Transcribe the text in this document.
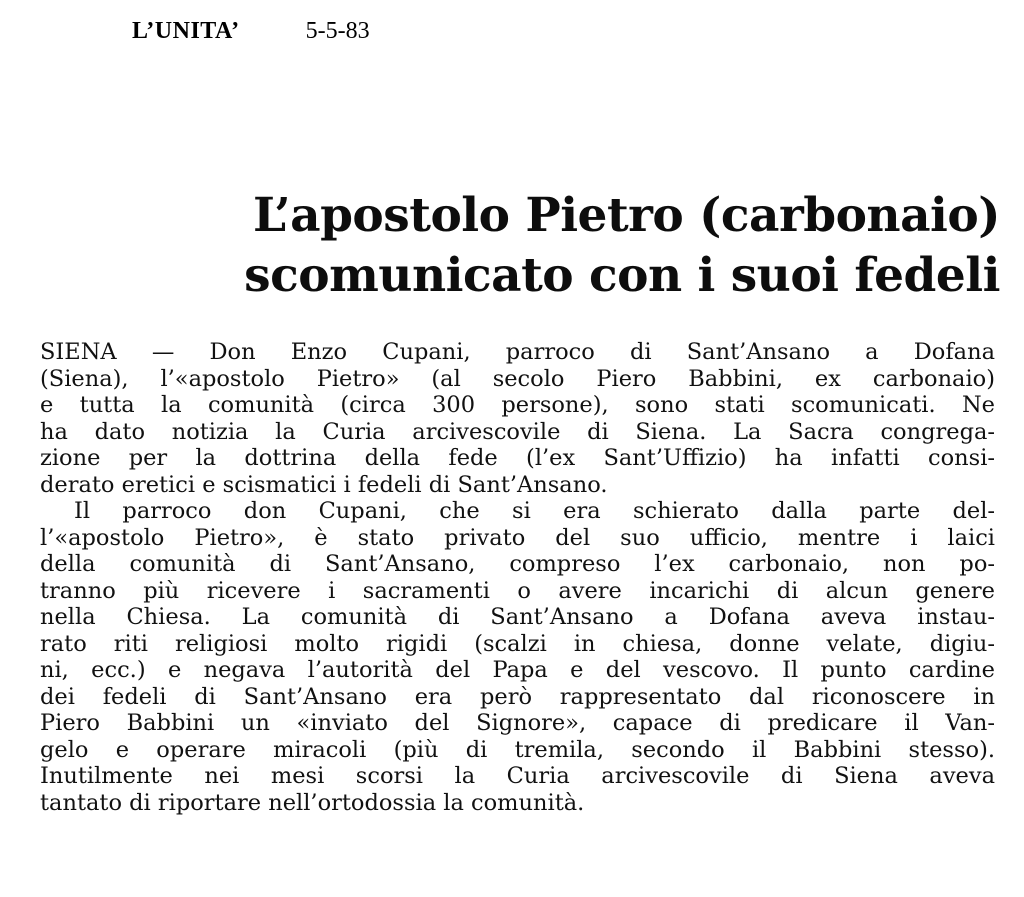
L’UNITA’	5-5-83
L’apostolo Pietro (carbonaio)
scomunicato con i suoi fedeli
SIENA — Don Enzo Cupani, parroco di Sant’Ansano a Dofana
(Siena), l’«apostolo Pietro» (al secolo Piero Babbini, ex carbonaio)
e tutta la comunità (circa 300 persone), sono stati scomunicati. Ne
ha dato notizia la Curia arcivescovile di Siena. La Sacra congrega-
zione per la dottrina della fede (l’ex Sant’Uffizio) ha infatti consi-
derato eretici e scismatici i fedeli di Sant’Ansano.
Il parroco don Cupani, che si era schierato dalla parte del-
l’«apostolo Pietro», è stato privato del suo ufficio, mentre i laici
della comunità di Sant’Ansano, compreso l’ex carbonaio, non po-
tranno più ricevere i sacramenti o avere incarichi di alcun genere
nella Chiesa. La comunità di Sant’Ansano a Dofana aveva instau-
rato riti religiosi molto rigidi (scalzi in chiesa, donne velate, digiu-
ni, ecc.) e negava l’autorità del Papa e del vescovo. Il punto cardine
dei fedeli di Sant’Ansano era però rappresentato dal riconoscere in
Piero Babbini un «inviato del Signore», capace di predicare il Van-
gelo e operare miracoli (più di tremila, secondo il Babbini stesso).
Inutilmente nei mesi scorsi la Curia arcivescovile di Siena aveva
tantato di riportare nell’ortodossia la comunità.
